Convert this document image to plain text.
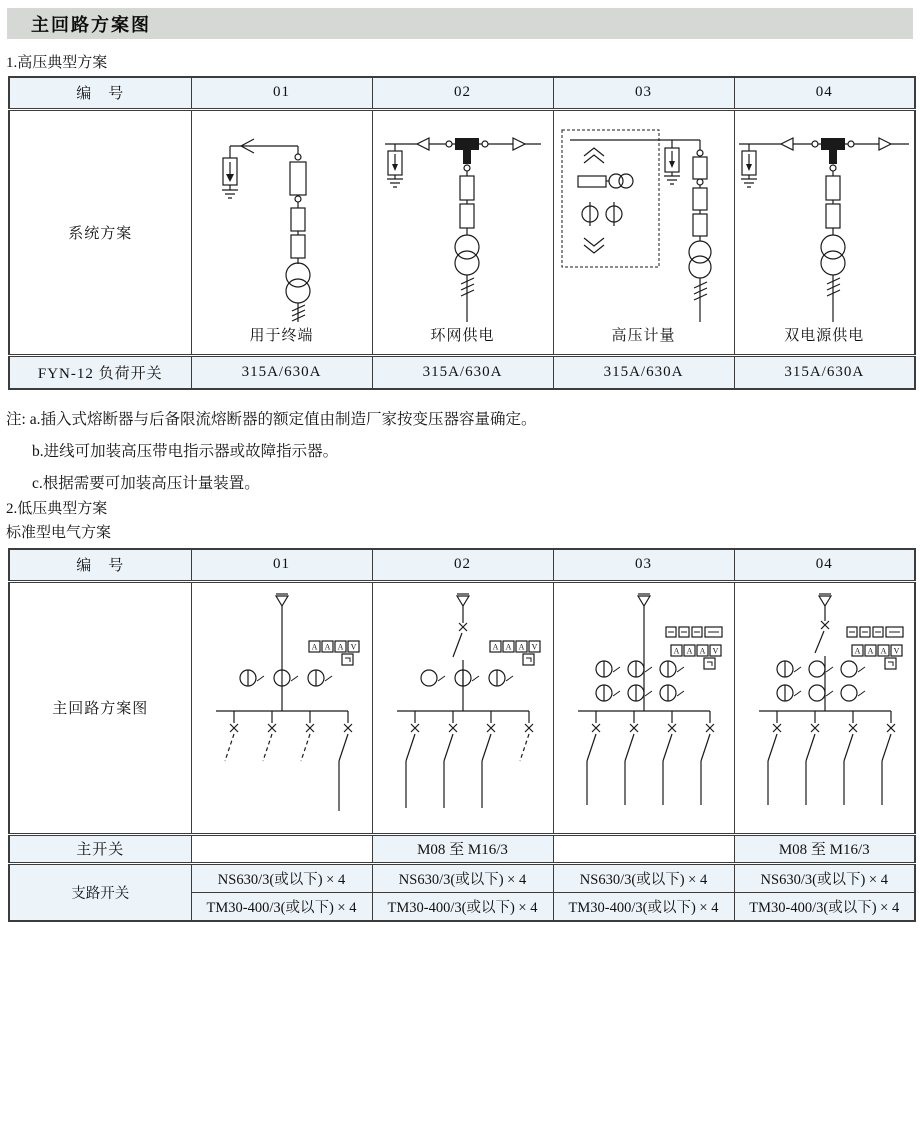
主回路方案图
1.高压典型方案
编　号	01	02	03	04
系统方案	用于终端	环网供电	高压计量	双电源供电

FYN-12 负荷开关	315A/630A	315A/630A	315A/630A	315A/630A
注: a.插入式熔断器与后备限流熔断器的额定值由制造厂家按变压器容量确定。
b.进线可加装高压带电指示器或故障指示器。
c.根据需要可加装高压计量装置。
2.低压典型方案
标准型电气方案
编　号	01	02	03	04
主回路方案图	A A A V	A A A V	A A A V	A A A V

主开关		M08 至 M16/3		M08 至 M16/3
支路开关	NS630/3(或以下) × 4	NS630/3(或以下) × 4	NS630/3(或以下) × 4	NS630/3(或以下) × 4
	TM30-400/3(或以下) × 4	TM30-400/3(或以下) × 4	TM30-400/3(或以下) × 4	TM30-400/3(或以下) × 4
